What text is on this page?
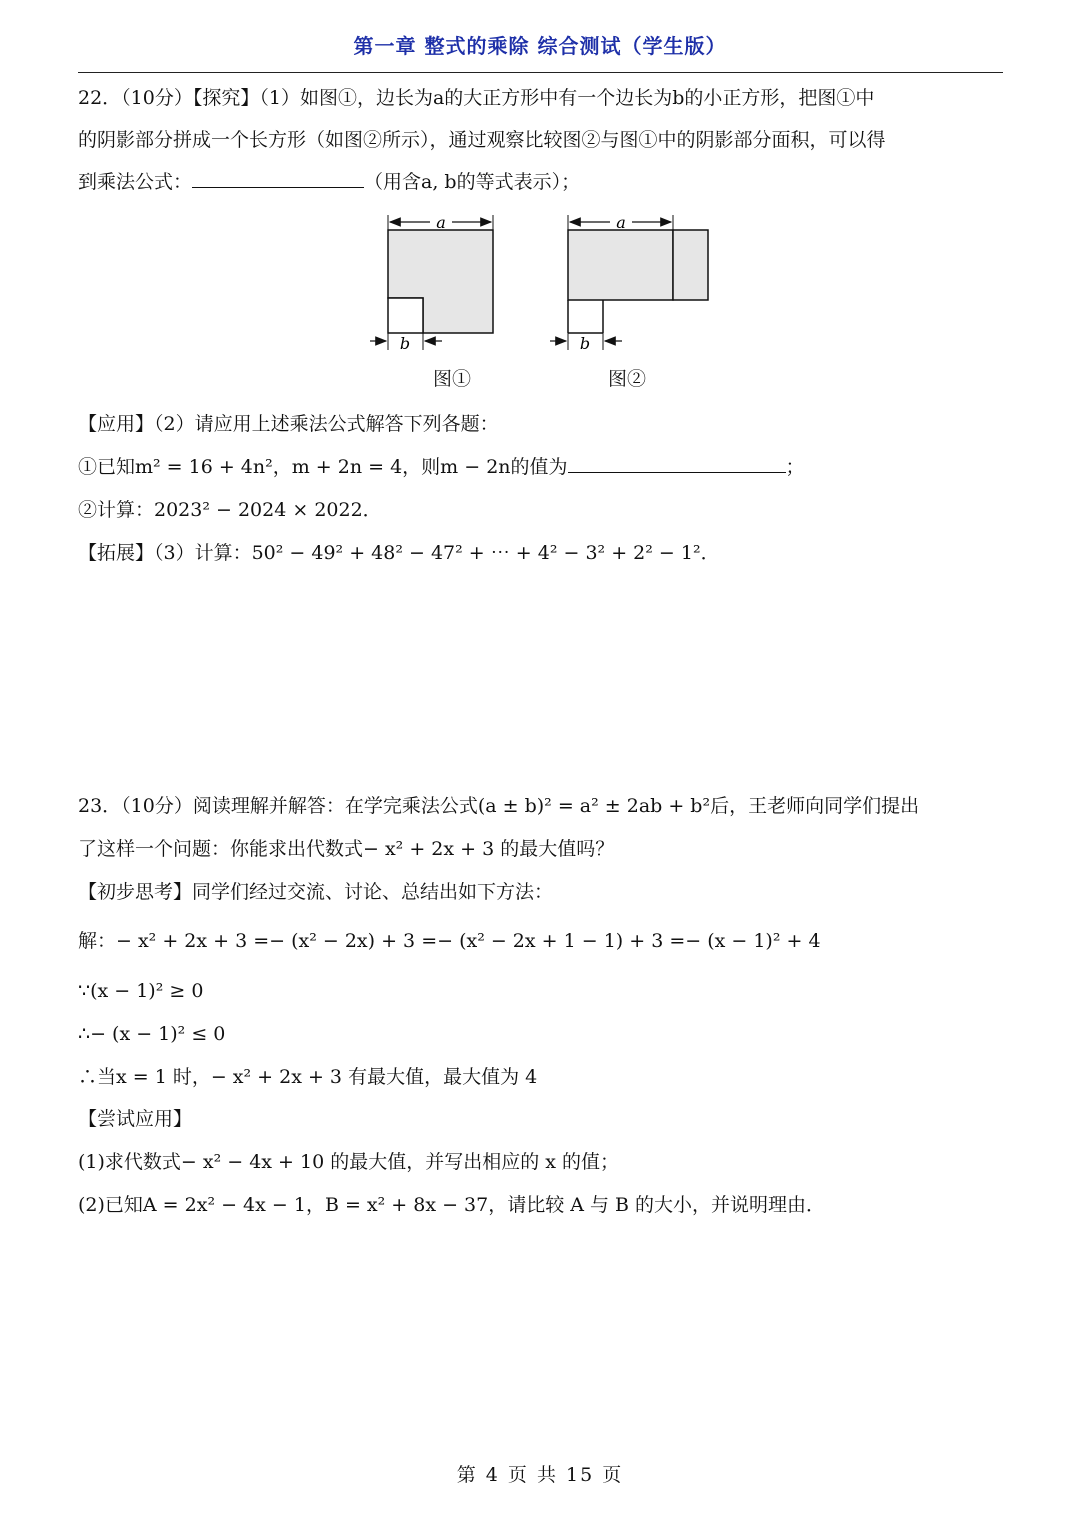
第一章 整式的乘除 综合测试（学生版）
22．（10分）【探究】（1）如图①，边长为a的大正方形中有一个边长为b的小正方形，把图①中
的阴影部分拼成一个长方形（如图②所示），通过观察比较图②与图①中的阴影部分面积，可以得
到乘法公式：	（用含a, b的等式表示）；
a
b
a
b
图①	图②
【应用】（2）请应用上述乘法公式解答下列各题：
①已知m² = 16 + 4n²，m + 2n = 4，则m − 2n的值为	；
②计算：2023² − 2024 × 2022．
【拓展】（3）计算：50² − 49² + 48² − 47² + ⋯ + 4² − 3² + 2² − 1²．
23．（10分）阅读理解并解答：在学完乘法公式(a ± b)² = a² ± 2ab + b²后，王老师向同学们提出
了这样一个问题：你能求出代数式− x² + 2x + 3 的最大值吗？
【初步思考】同学们经过交流、讨论、总结出如下方法：
解：− x² + 2x + 3 =− (x² − 2x) + 3 =− (x² − 2x + 1 − 1) + 3 =− (x − 1)² + 4
∵(x − 1)² ≥ 0
∴− (x − 1)² ≤ 0
∴当x = 1 时，− x² + 2x + 3 有最大值，最大值为 4
【尝试应用】
(1)求代数式− x² − 4x + 10 的最大值，并写出相应的 x 的值；
(2)已知A = 2x² − 4x − 1，B = x² + 8x − 37，请比较 A 与 B 的大小，并说明理由．
第 4 页 共 15 页
